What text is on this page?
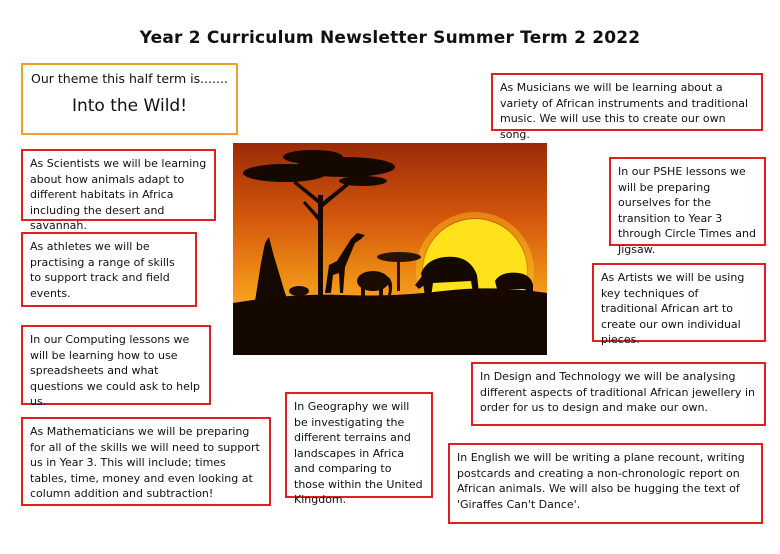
Year 2 Curriculum Newsletter Summer Term 2 2022
Our theme this half term is.......
Into the Wild!
As Musicians we will be learning about a variety of African instruments and traditional music. We will use this to create our own song.
As Scientists we will be learning about how animals adapt to different habitats in Africa including the desert and savannah.
In our PSHE lessons we will be preparing ourselves for the transition to Year 3 through Circle Times and Jigsaw.
As athletes we will be practising a range of skills to support track and field events.
As Artists we will be using key techniques of traditional African art to create our own individual pieces.
In our Computing lessons we will be learning how to use spreadsheets and what questions we could ask to help us.
In Design and Technology we will be analysing different aspects of traditional African jewellery in order for us to design and make our own.
As Mathematicians we will be preparing for all of the skills we will need to support us in Year 3. This will include; times tables, time, money and even looking at column addition and subtraction!
In Geography we will be investigating the different terrains and landscapes in Africa and comparing to those within the United Kingdom.
In English we will be writing a plane recount, writing postcards and creating a non-chronologic report on African animals. We will also be hugging the text of 'Giraffes Can't Dance'.
